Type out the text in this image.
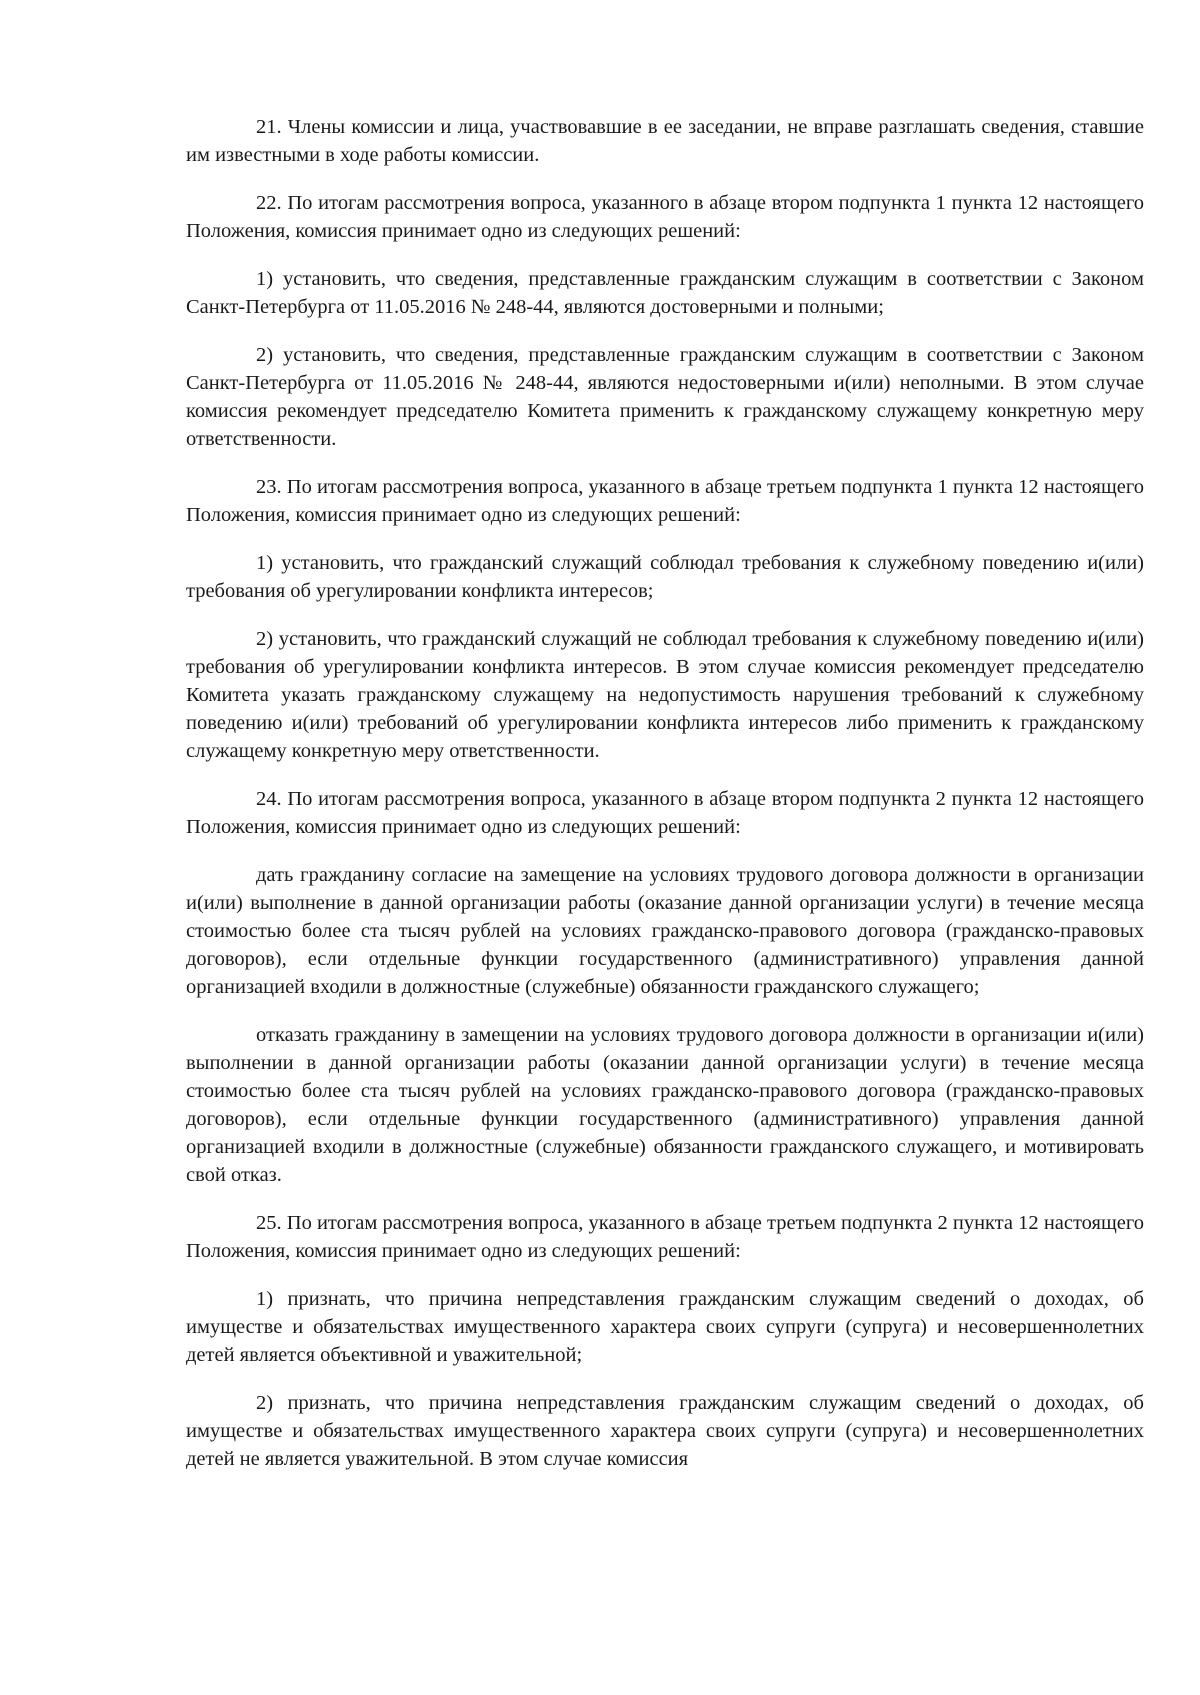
21. Члены комиссии и лица, участвовавшие в ее заседании, не вправе разглашать сведения, ставшие им известными в ходе работы комиссии.

22. По итогам рассмотрения вопроса, указанного в абзаце втором подпункта 1 пункта 12 настоящего Положения, комиссия принимает одно из следующих решений:

1) установить, что сведения, представленные гражданским служащим в соответствии с Законом Санкт-Петербурга от 11.05.2016 № 248-44, являются достоверными и полными;

2) установить, что сведения, представленные гражданским служащим в соответствии с Законом Санкт-Петербурга от 11.05.2016 № 248-44, являются недостоверными и(или) неполными. В этом случае комиссия рекомендует председателю Комитета применить к гражданскому служащему конкретную меру ответственности.

23. По итогам рассмотрения вопроса, указанного в абзаце третьем подпункта 1 пункта 12 настоящего Положения, комиссия принимает одно из следующих решений:

1) установить, что гражданский служащий соблюдал требования к служебному поведению и(или) требования об урегулировании конфликта интересов;

2) установить, что гражданский служащий не соблюдал требования к служебному поведению и(или) требования об урегулировании конфликта интересов. В этом случае комиссия рекомендует председателю Комитета указать гражданскому служащему на недопустимость нарушения требований к служебному поведению и(или) требований об урегулировании конфликта интересов либо применить к гражданскому служащему конкретную меру ответственности.

24. По итогам рассмотрения вопроса, указанного в абзаце втором подпункта 2 пункта 12 настоящего Положения, комиссия принимает одно из следующих решений:

дать гражданину согласие на замещение на условиях трудового договора должности в организации и(или) выполнение в данной организации работы (оказание данной организации услуги) в течение месяца стоимостью более ста тысяч рублей на условиях гражданско-правового договора (гражданско-правовых договоров), если отдельные функции государственного (административного) управления данной организацией входили в должностные (служебные) обязанности гражданского служащего;

отказать гражданину в замещении на условиях трудового договора должности в организации и(или) выполнении в данной организации работы (оказании данной организации услуги) в течение месяца стоимостью более ста тысяч рублей на условиях гражданско-правового договора (гражданско-правовых договоров), если отдельные функции государственного (административного) управления данной организацией входили в должностные (служебные) обязанности гражданского служащего, и мотивировать свой отказ.

25. По итогам рассмотрения вопроса, указанного в абзаце третьем подпункта 2 пункта 12 настоящего Положения, комиссия принимает одно из следующих решений:

1) признать, что причина непредставления гражданским служащим сведений о доходах, об имуществе и обязательствах имущественного характера своих супруги (супруга) и несовершеннолетних детей является объективной и уважительной;

2) признать, что причина непредставления гражданским служащим сведений о доходах, об имуществе и обязательствах имущественного характера своих супруги (супруга) и несовершеннолетних детей не является уважительной. В этом случае комиссия
